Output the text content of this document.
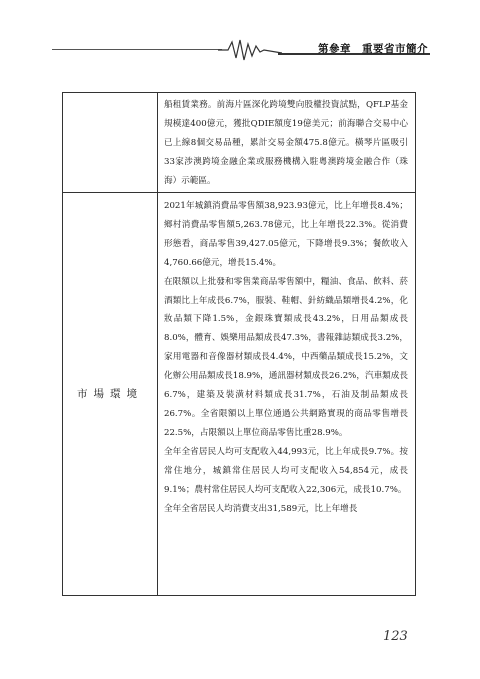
第參章　重要省市簡介

船租賃業務。前海片區深化跨境雙向股權投資試點，QFLP基金規模達400億元，獲批QDIE額度19億美元；前海聯合交易中心已上線8個交易品種，累計交易金額475.8億元。橫琴片區吸引33家涉澳跨境金融企業或服務機構入駐粵澳跨境金融合作（珠海）示範區。

市場環境

2021年城鎮消費品零售額38,923.93億元，比上年增長8.4%；鄉村消費品零售額5,263.78億元，比上年增長22.3%。從消費形態看，商品零售39,427.05億元，下降增長9.3%；餐飲收入4,760.66億元，增長15.4%。

在限額以上批發和零售業商品零售額中，糧油、食品、飲料、菸酒類比上年成長6.7%，服裝、鞋帽、針紡織品類增長4.2%，化妝品類下降1.5%，金銀珠寶類成長43.2%，日用品類成長8.0%，體育、娛樂用品類成長47.3%，書報雜誌類成長3.2%，家用電器和音像器材類成長4.4%，中西藥品類成長15.2%，文化辦公用品類成長18.9%，通訊器材類成長26.2%，汽車類成長6.7%，建築及裝潢材料類成長31.7%，石油及制品類成長26.7%。全省限額以上單位通過公共網路實現的商品零售增長22.5%，占限額以上單位商品零售比重28.9%。

全年全省居民人均可支配收入44,993元，比上年成長9.7%。按常住地分，城鎮常住居民人均可支配收入54,854元，成長9.1%；農村常住居民人均可支配收入22,306元，成長10.7%。

全年全省居民人均消費支出31,589元，比上年增長

123
